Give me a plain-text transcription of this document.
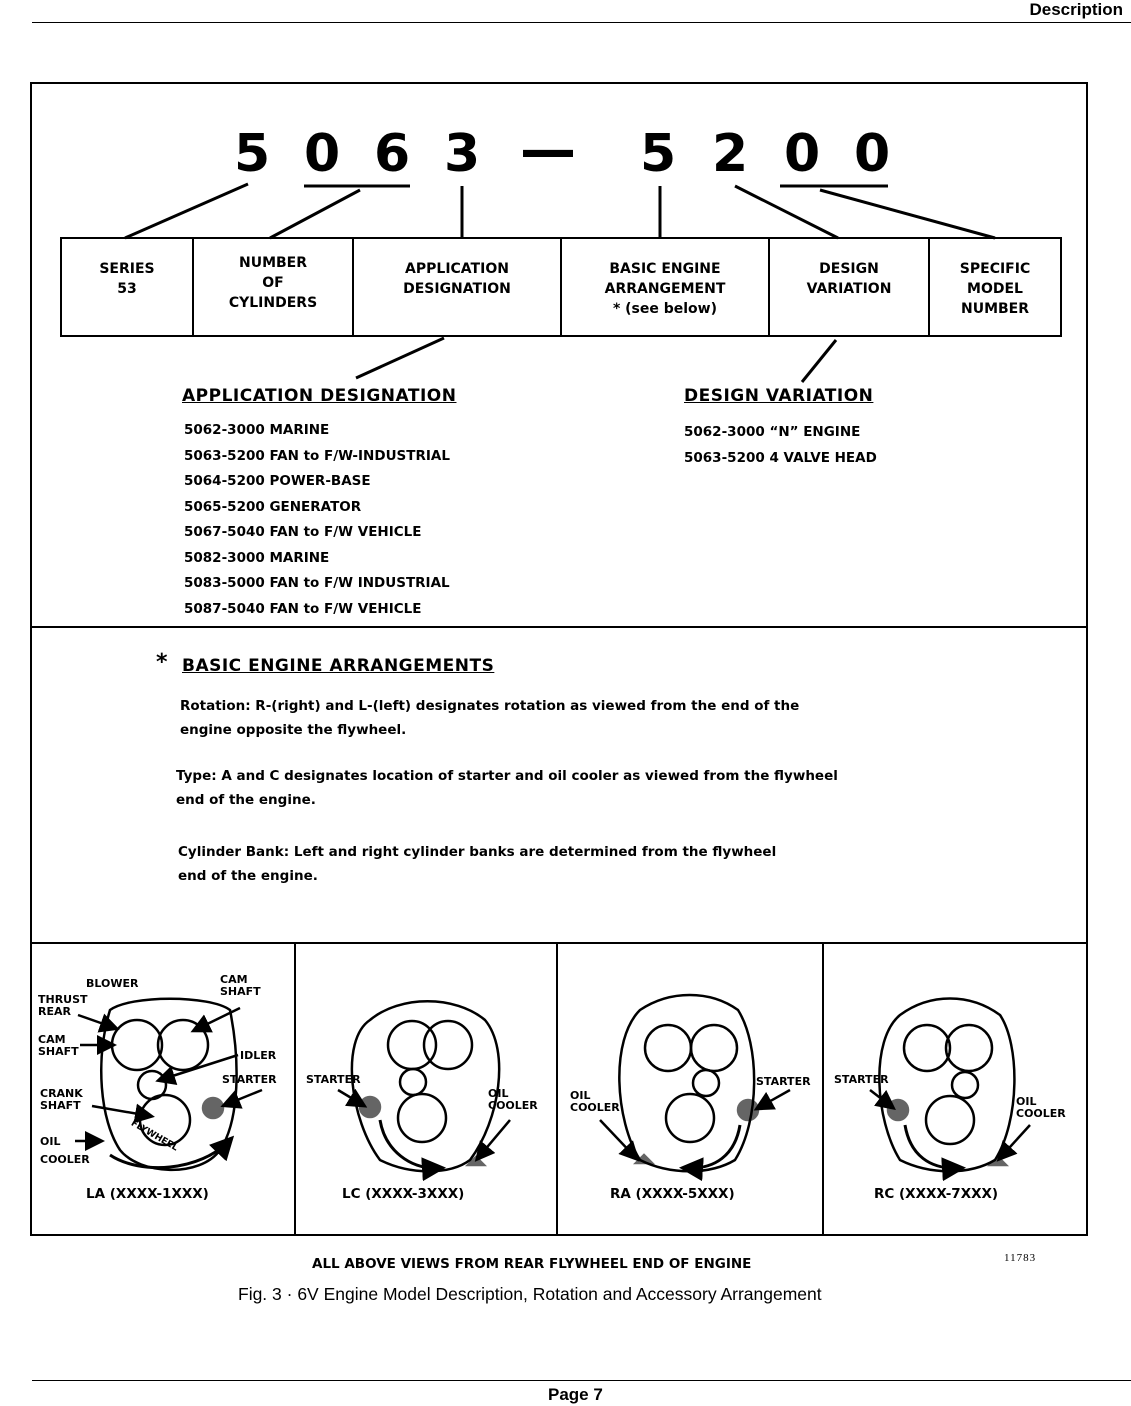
Description
5 0 6 3 — 5 2 0 0
SERIES
53
NUMBER
OF
CYLINDERS
APPLICATION
DESIGNATION
BASIC ENGINE
ARRANGEMENT
* (see below)
DESIGN
VARIATION
SPECIFIC
MODEL
NUMBER
APPLICATION DESIGNATION
5062-3000 MARINE
5063-5200 FAN to F/W-INDUSTRIAL
5064-5200 POWER-BASE
5065-5200 GENERATOR
5067-5040 FAN to F/W VEHICLE
5082-3000 MARINE
5083-5000 FAN to F/W INDUSTRIAL
5087-5040 FAN to F/W VEHICLE
DESIGN VARIATION
5062-3000 “N” ENGINE
5063-5200 4 VALVE HEAD
* BASIC ENGINE ARRANGEMENTS
Rotation: R-(right) and L-(left) designates rotation as viewed from the end of the
engine opposite the flywheel.
Type: A and C designates location of starter and oil cooler as viewed from the flywheel
end of the engine.
Cylinder Bank: Left and right cylinder banks are determined from the flywheel
end of the engine.
BLOWER
THRUST
REAR
CAM
SHAFT
CAM
SHAFT	IDLER
STARTER
CRANK
SHAFT
OIL
COOLER
FLYWHEEL
STARTER
OIL
COOLER
OIL
COOLER
STARTER STARTER
OIL
COOLER
LA (XXXX-1XXX)	LC (XXXX-3XXX)	RA (XXXX-5XXX)	RC (XXXX-7XXX)
ALL ABOVE VIEWS FROM REAR FLYWHEEL END OF ENGINE	11783
Fig. 3 · 6V Engine Model Description, Rotation and Accessory Arrangement
Page 7
